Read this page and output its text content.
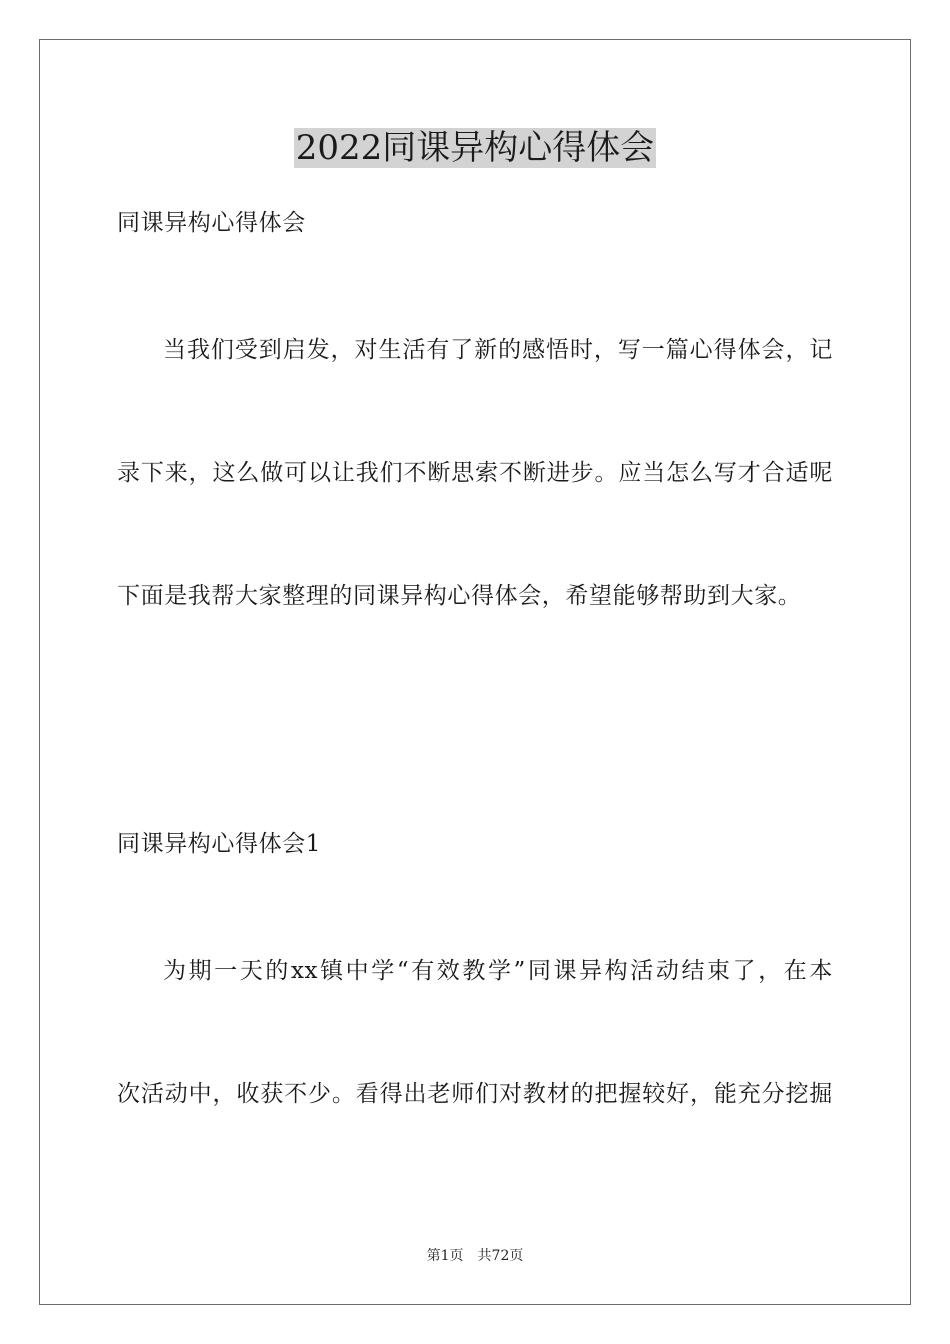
2022同课异构心得体会
同课异构心得体会
当我们受到启发，对生活有了新的感悟时，写一篇心得体会，记
录下来，这么做可以让我们不断思索不断进步。应当怎么写才合适呢
下面是我帮大家整理的同课异构心得体会，希望能够帮助到大家。
同课异构心得体会1
为期一天的xx镇中学“有效教学”同课异构活动结束了，在本
次活动中，收获不少。看得出老师们对教材的把握较好，能充分挖掘
第1页　共72页
